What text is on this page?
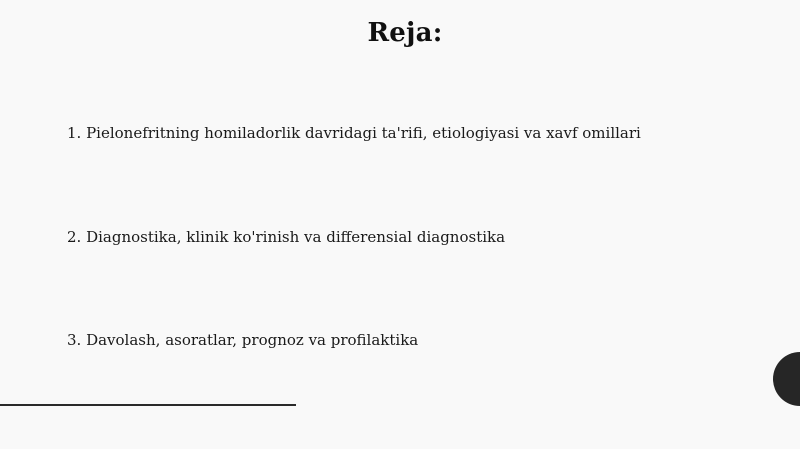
Reja:
1. Pielonefritning homiladorlik davridagi ta'rifi, etiologiyasi va xavf omillari
2. Diagnostika, klinik ko'rinish va differensial diagnostika
3. Davolash, asoratlar, prognoz va profilaktika
